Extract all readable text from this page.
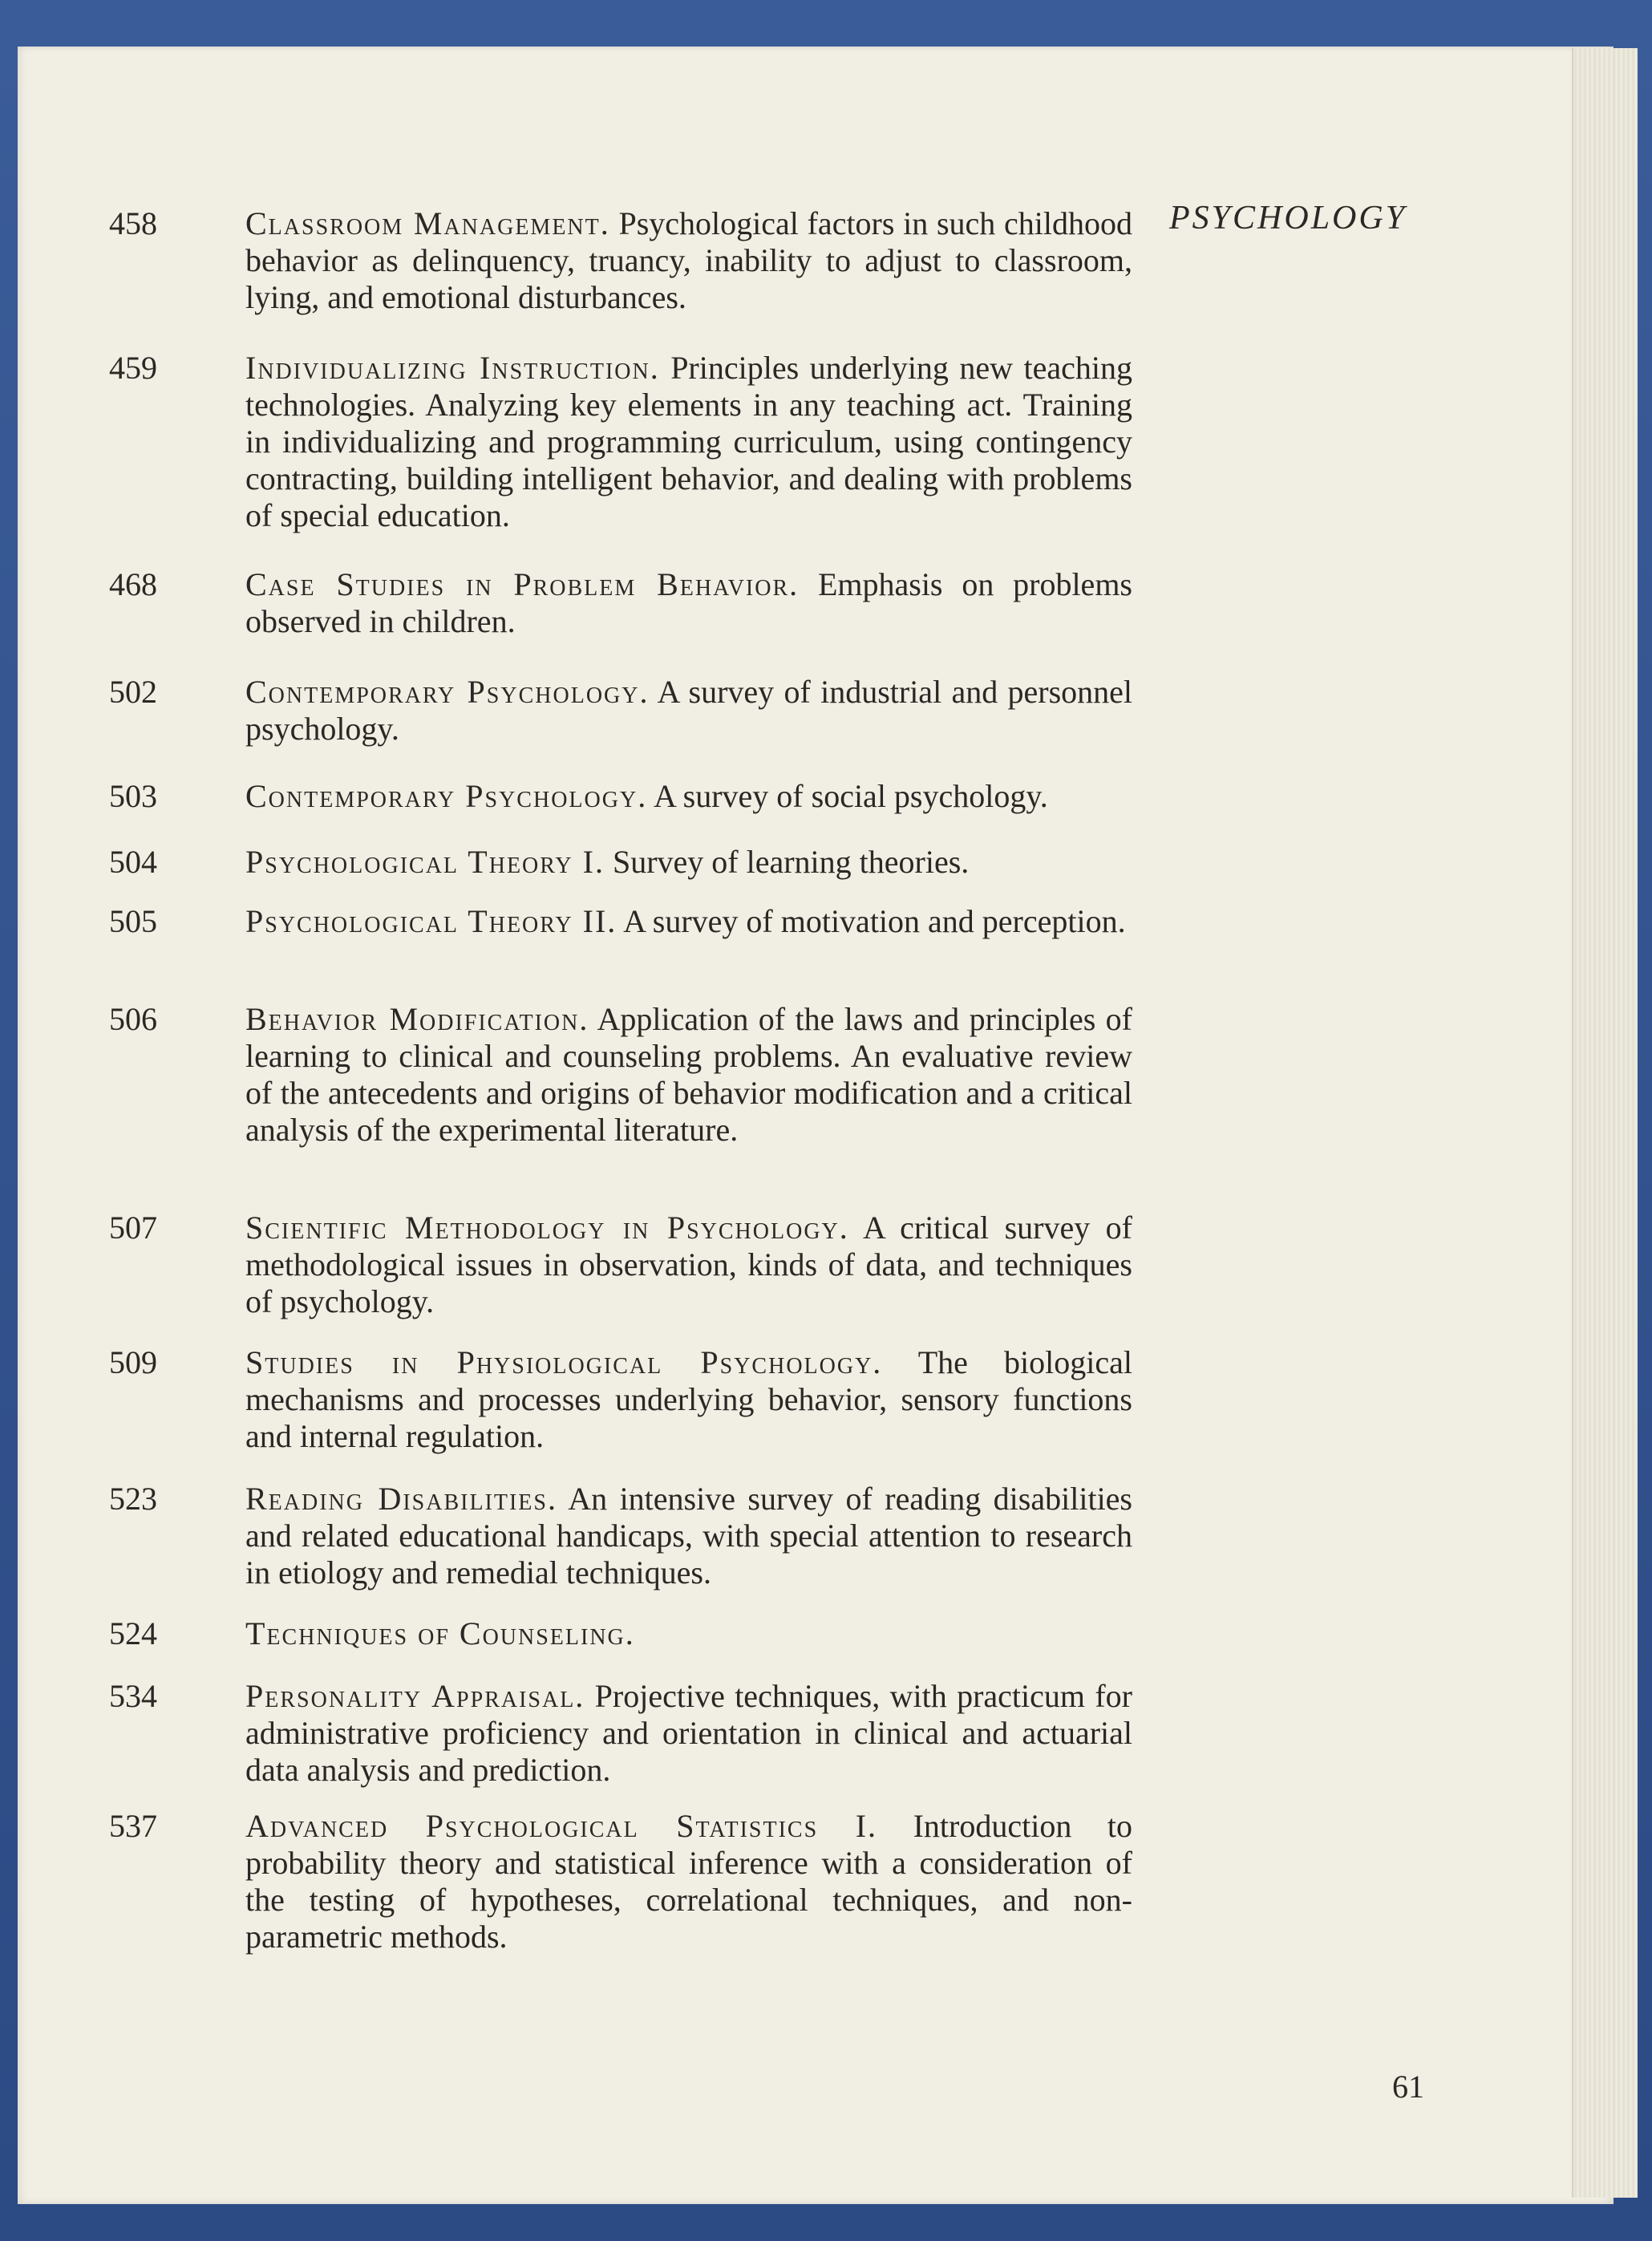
PSYCHOLOGY
458	Classroom Management. Psychological factors in such childhood behavior as delinquency, truancy, inability to adjust to classroom, lying, and emotional disturbances.
459	Individualizing Instruction. Principles underlying new teaching technologies. Analyzing key elements in any teaching act. Training in individualizing and programming curriculum, using contingency contracting, building intelligent behavior, and dealing with problems of special education.
468	Case Studies in Problem Behavior. Emphasis on problems observed in children.
502	Contemporary Psychology. A survey of industrial and personnel psychology.
503	Contemporary Psychology. A survey of social psychology.
504	Psychological Theory I. Survey of learning theories.
505	Psychological Theory II. A survey of motivation and perception.
506	Behavior Modification. Application of the laws and principles of learning to clinical and counseling problems. An evaluative review of the antecedents and origins of behavior modification and a critical analysis of the experimental literature.
507	Scientific Methodology in Psychology. A critical survey of methodological issues in observation, kinds of data, and techniques of psychology.
509	Studies in Physiological Psychology. The biological mechanisms and processes underlying behavior, sensory functions and internal regulation.
523	Reading Disabilities. An intensive survey of reading disabilities and related educational handicaps, with special attention to research in etiology and remedial techniques.
524	Techniques of Counseling.
534	Personality Appraisal. Projective techniques, with practicum for administrative proficiency and orientation in clinical and actuarial data analysis and prediction.
537	Advanced Psychological Statistics I. Introduction to probability theory and statistical inference with a consideration of the testing of hypotheses, correlational techniques, and non-parametric methods.
61
